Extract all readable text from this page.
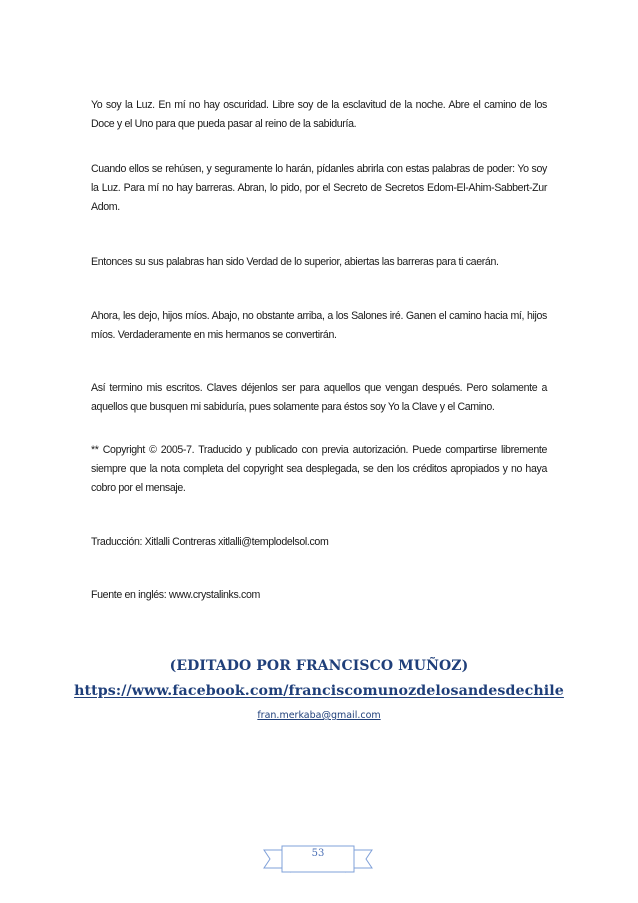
Yo soy la Luz. En mí no hay oscuridad. Libre soy de la esclavitud de la noche. Abre el camino de los Doce y el Uno para que pueda pasar al reino de la sabiduría.

Cuando ellos se rehúsen, y seguramente lo harán, pídanles abrirla con estas palabras de poder: Yo soy la Luz. Para mí no hay barreras. Abran, lo pido, por el Secreto de Secretos Edom-El-Ahim-Sabbert-Zur Adom.

Entonces su sus palabras han sido Verdad de lo superior, abiertas las barreras para ti caerán.

Ahora, les dejo, hijos míos. Abajo, no obstante arriba, a los Salones iré. Ganen el camino hacia mí, hijos míos. Verdaderamente en mis hermanos se convertirán.

Así termino mis escritos. Claves déjenlos ser para aquellos que vengan después. Pero solamente a aquellos que busquen mi sabiduría, pues solamente para éstos soy Yo la Clave y el Camino.

** Copyright © 2005-7. Traducido y publicado con previa autorización. Puede compartirse libremente siempre que la nota completa del copyright sea desplegada, se den los créditos apropiados y no haya cobro por el mensaje.

Traducción: Xitlalli Contreras xitlalli@templodelsol.com

Fuente en inglés: www.crystalinks.com

(EDITADO POR FRANCISCO MUÑOZ)
https://www.facebook.com/franciscomunozdelosandesdechile
fran.merkaba@gmail.com
53
